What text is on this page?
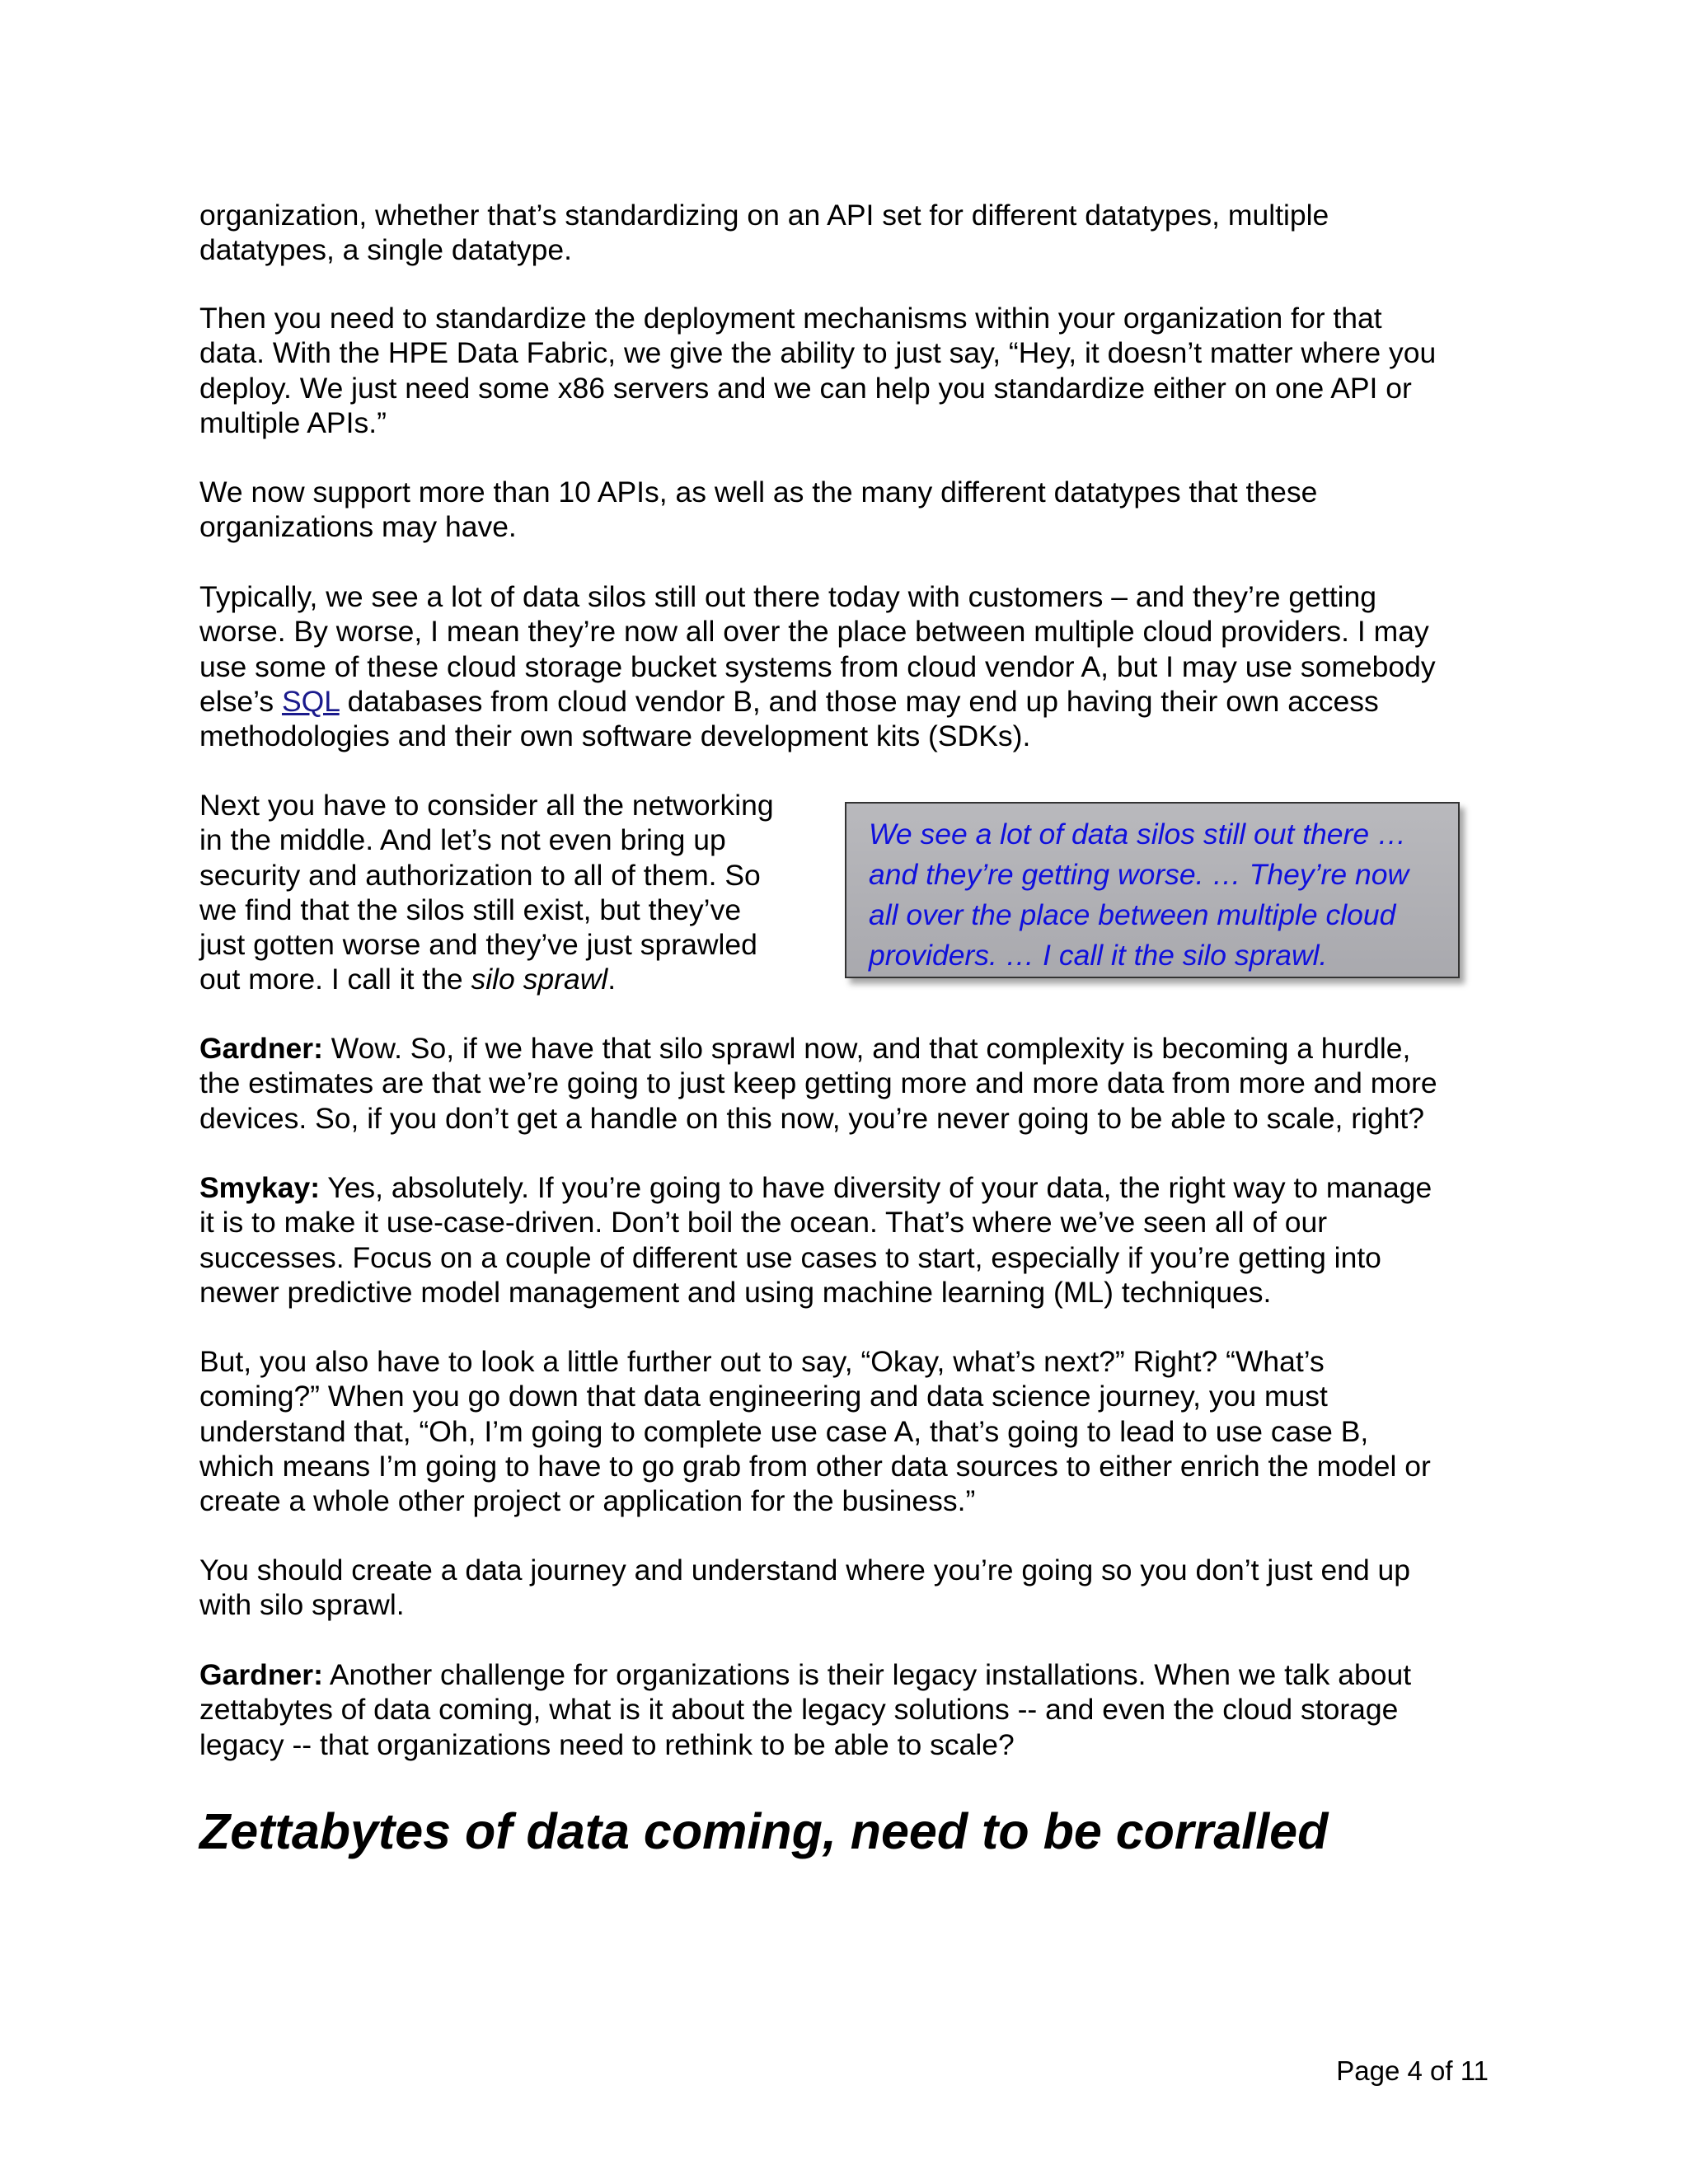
organization, whether that’s standardizing on an API set for different datatypes, multiple
datatypes, a single datatype.

Then you need to standardize the deployment mechanisms within your organization for that
data. With the HPE Data Fabric, we give the ability to just say, “Hey, it doesn’t matter where you
deploy. We just need some x86 servers and we can help you standardize either on one API or
multiple APIs.”

We now support more than 10 APIs, as well as the many different datatypes that these
organizations may have.

Typically, we see a lot of data silos still out there today with customers – and they’re getting
worse. By worse, I mean they’re now all over the place between multiple cloud providers. I may
use some of these cloud storage bucket systems from cloud vendor A, but I may use somebody
else’s SQL databases from cloud vendor B, and those may end up having their own access
methodologies and their own software development kits (SDKs).

Next you have to consider all the networking
in the middle. And let’s not even bring up
security and authorization to all of them. So
we find that the silos still exist, but they’ve
just gotten worse and they’ve just sprawled
out more. I call it the silo sprawl.

Gardner: Wow. So, if we have that silo sprawl now, and that complexity is becoming a hurdle,
the estimates are that we’re going to just keep getting more and more data from more and more
devices. So, if you don’t get a handle on this now, you’re never going to be able to scale, right?

Smykay: Yes, absolutely. If you’re going to have diversity of your data, the right way to manage
it is to make it use-case-driven. Don’t boil the ocean. That’s where we’ve seen all of our
successes. Focus on a couple of different use cases to start, especially if you’re getting into
newer predictive model management and using machine learning (ML) techniques.

But, you also have to look a little further out to say, “Okay, what’s next?” Right? “What’s
coming?” When you go down that data engineering and data science journey, you must
understand that, “Oh, I’m going to complete use case A, that’s going to lead to use case B,
which means I’m going to have to go grab from other data sources to either enrich the model or
create a whole other project or application for the business.”

You should create a data journey and understand where you’re going so you don’t just end up
with silo sprawl.

Gardner: Another challenge for organizations is their legacy installations. When we talk about
zettabytes of data coming, what is it about the legacy solutions -- and even the cloud storage
legacy -- that organizations need to rethink to be able to scale?

We see a lot of data silos still out there …
and they’re getting worse. … They’re now
all over the place between multiple cloud
providers. … I call it the silo sprawl.
Zettabytes of data coming, need to be corralled
Page 4 of 11
